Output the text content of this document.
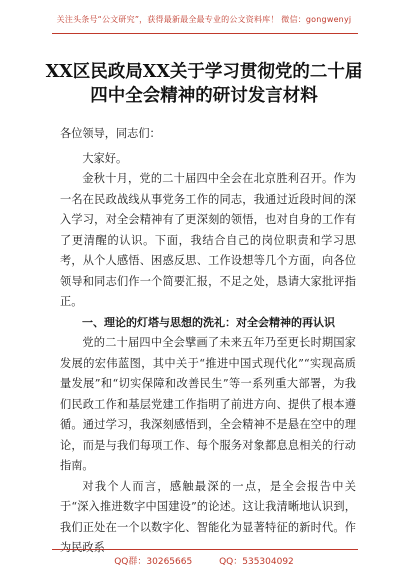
关注头条号“公文研究”，获得最新最全最专业的公文资料库！ 微信：gongwenyj
XX区民政局XX关于学习贯彻党的二十届四中全会精神的研讨发言材料

各位领导，同志们：

大家好。

金秋十月，党的二十届四中全会在北京胜利召开。作为一名在民政战线从事党务工作的同志，我通过近段时间的深入学习，对全会精神有了更深刻的领悟，也对自身的工作有了更清醒的认识。下面，我结合自己的岗位职责和学习思考，从个人感悟、困惑反思、工作设想等几个方面，向各位领导和同志们作一个简要汇报，不足之处，恳请大家批评指正。

一、理论的灯塔与思想的洗礼：对全会精神的再认识

党的二十届四中全会擘画了未来五年乃至更长时期国家发展的宏伟蓝图，其中关于“推进中国式现代化”“实现高质量发展”和“切实保障和改善民生”等一系列重大部署，为我们民政工作和基层党建工作指明了前进方向、提供了根本遵循。通过学习，我深刻感悟到，全会精神不是悬在空中的理论，而是与我们每项工作、每个服务对象都息息相关的行动指南。

对我个人而言，感触最深的一点，是全会报告中关于“深入推进数字中国建设”的论述。这让我清晰地认识到，我们正处在一个以数字化、智能化为显著特征的新时代。作为民政系

QQ群：30265665	QQ：535304092
